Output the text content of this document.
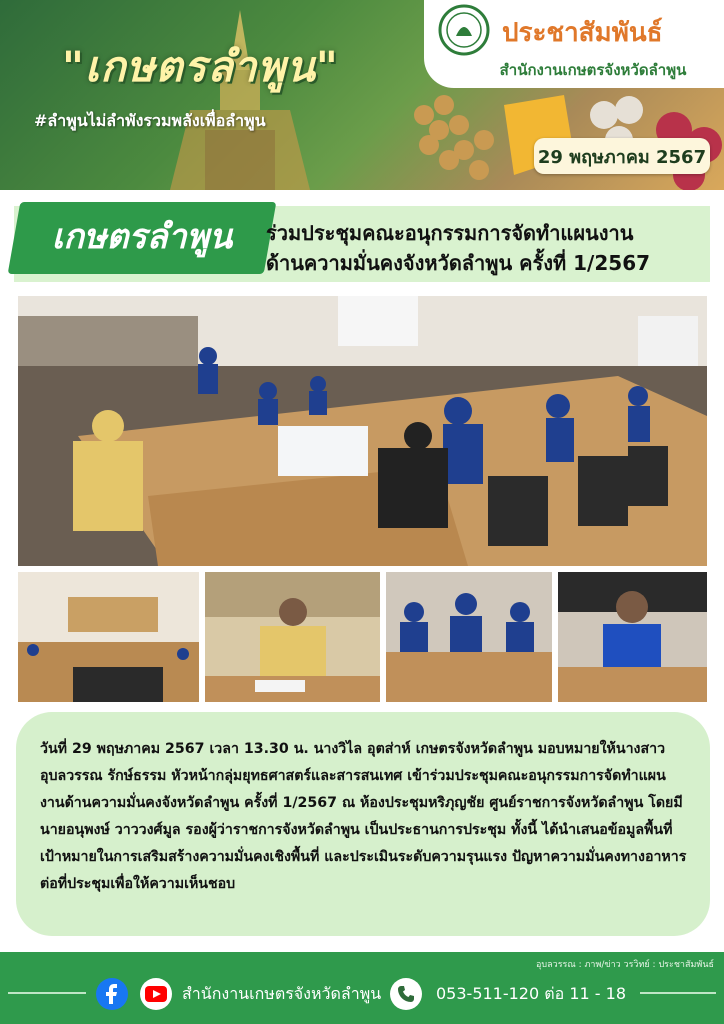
"เกษตรลำพูน"
#ลำพูนไม่ลำพังรวมพลังเพื่อลำพูน
ประชาสัมพันธ์
สำนักงานเกษตรจังหวัดลำพูน
29 พฤษภาคม 2567
เกษตรลำพูน	ร่วมประชุมคณะอนุกรรมการจัดทำแผนงาน
ด้านความมั่นคงจังหวัดลำพูน ครั้งที่ 1/2567
วันที่ 29 พฤษภาคม 2567 เวลา 13.30 น. นางวิไล อุตส่าห์ เกษตรจังหวัดลำพูน มอบหมายให้นางสาวอุบลวรรณ รักษ์ธรรม หัวหน้ากลุ่มยุทธศาสตร์และสารสนเทศ เข้าร่วมประชุมคณะอนุกรรมการจัดทำแผนงานด้านความมั่นคงจังหวัดลำพูน ครั้งที่ 1/2567 ณ ห้องประชุมหริภุญชัย ศูนย์ราชการจังหวัดลำพูน โดยมีนายอนุพงษ์ วาววงศ์มูล รองผู้ว่าราชการจังหวัดลำพูน เป็นประธานการประชุม ทั้งนี้ ได้นำเสนอข้อมูลพื้นที่เป้าหมายในการเสริมสร้างความมั่นคงเชิงพื้นที่ และประเมินระดับความรุนแรง ปัญหาความมั่นคงทางอาหารต่อที่ประชุมเพื่อให้ความเห็นชอบ
อุบลวรรณ : ภาพ/ข่าว วรวิทย์ : ประชาสัมพันธ์
สำนักงานเกษตรจังหวัดลำพูน	053-511-120 ต่อ 11 - 18
